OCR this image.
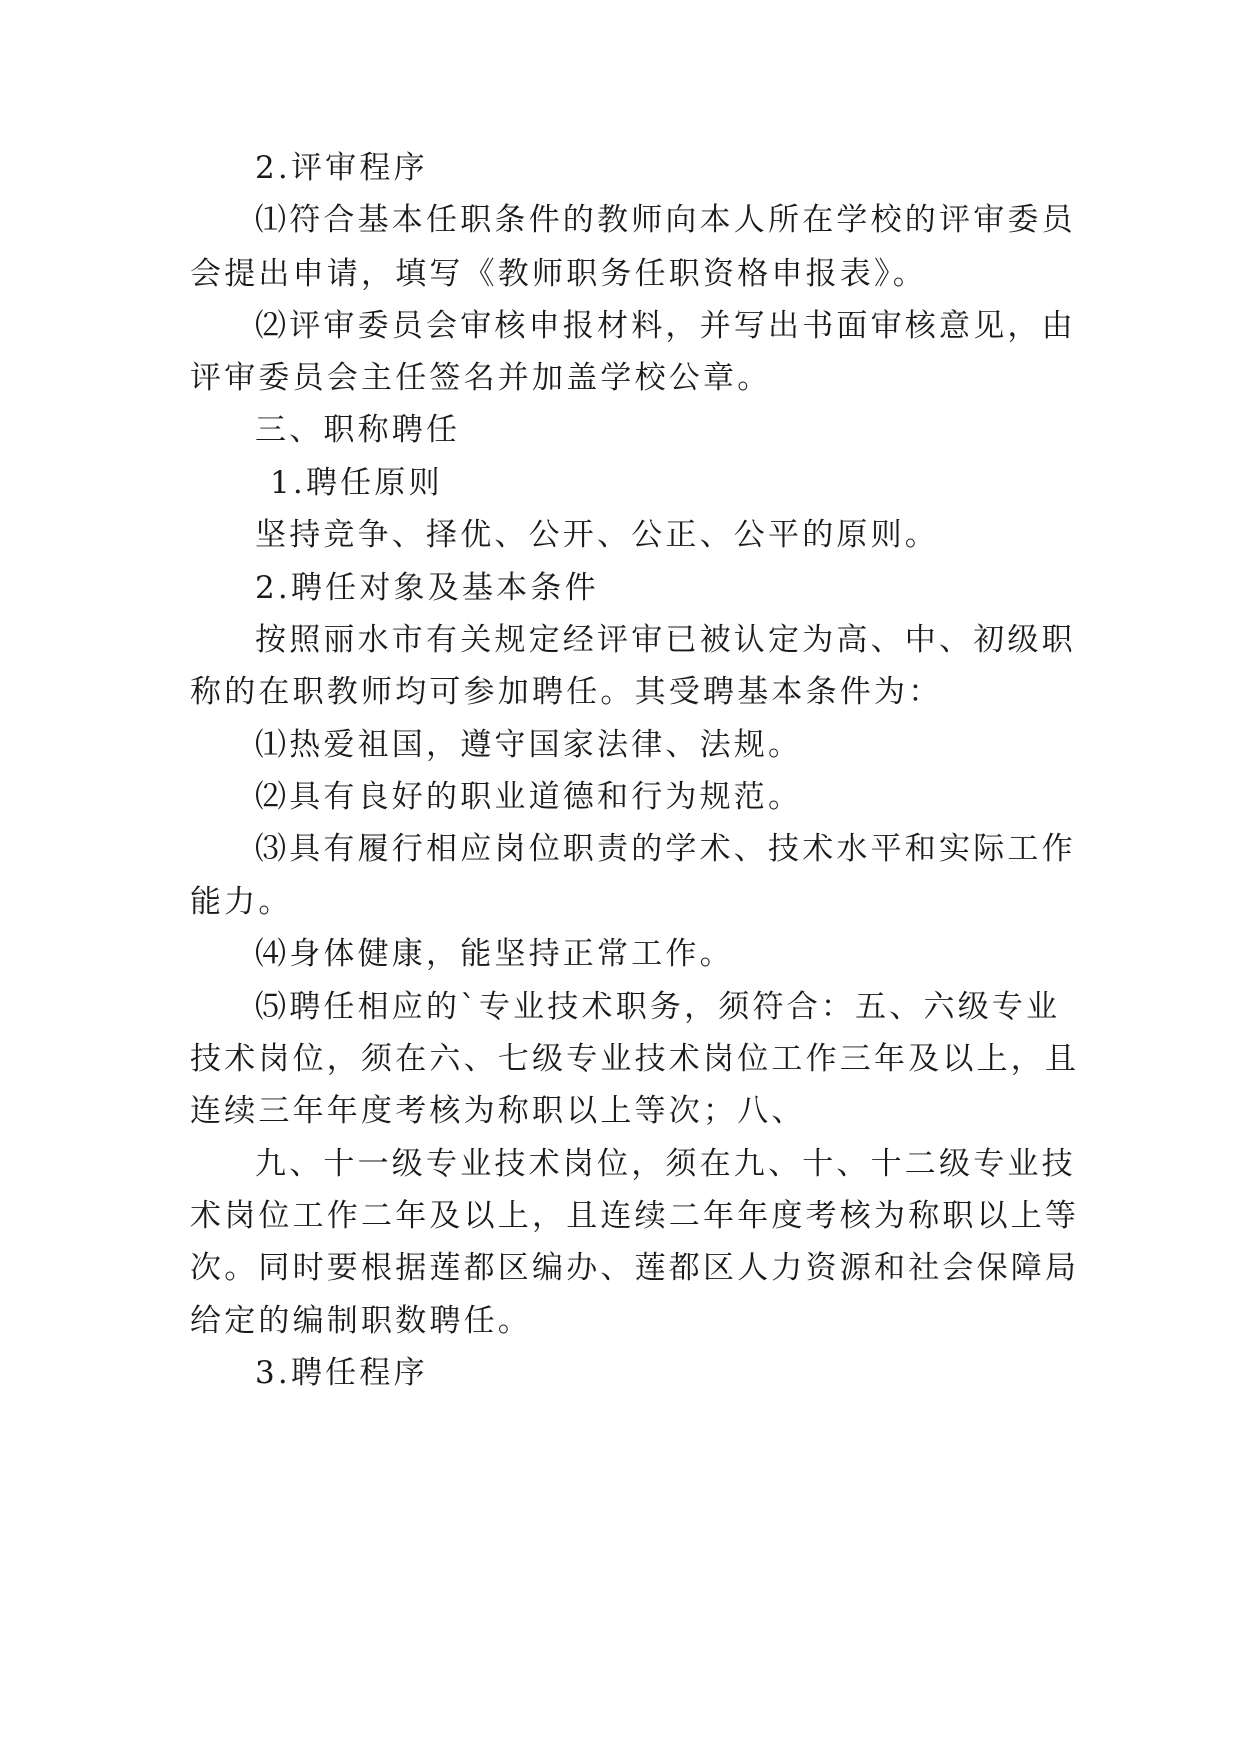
2.评审程序
⑴符合基本任职条件的教师向本人所在学校的评审委员
会提出申请，填写《教师职务任职资格申报表》。
⑵评审委员会审核申报材料，并写出书面审核意见，由
评审委员会主任签名并加盖学校公章。
三、职称聘任
1.聘任原则
坚持竞争、择优、公开、公正、公平的原则。
2.聘任对象及基本条件
按照丽水市有关规定经评审已被认定为高、中、初级职
称的在职教师均可参加聘任。其受聘基本条件为：
⑴热爱祖国，遵守国家法律、法规。
⑵具有良好的职业道德和行为规范。
⑶具有履行相应岗位职责的学术、技术水平和实际工作
能力。
⑷身体健康，能坚持正常工作。
⑸聘任相应的`专业技术职务，须符合：五、六级专业
技术岗位，须在六、七级专业技术岗位工作三年及以上，且
连续三年年度考核为称职以上等次；八、
九、十一级专业技术岗位，须在九、十、十二级专业技
术岗位工作二年及以上，且连续二年年度考核为称职以上等
次。同时要根据莲都区编办、莲都区人力资源和社会保障局
给定的编制职数聘任。
3.聘任程序
